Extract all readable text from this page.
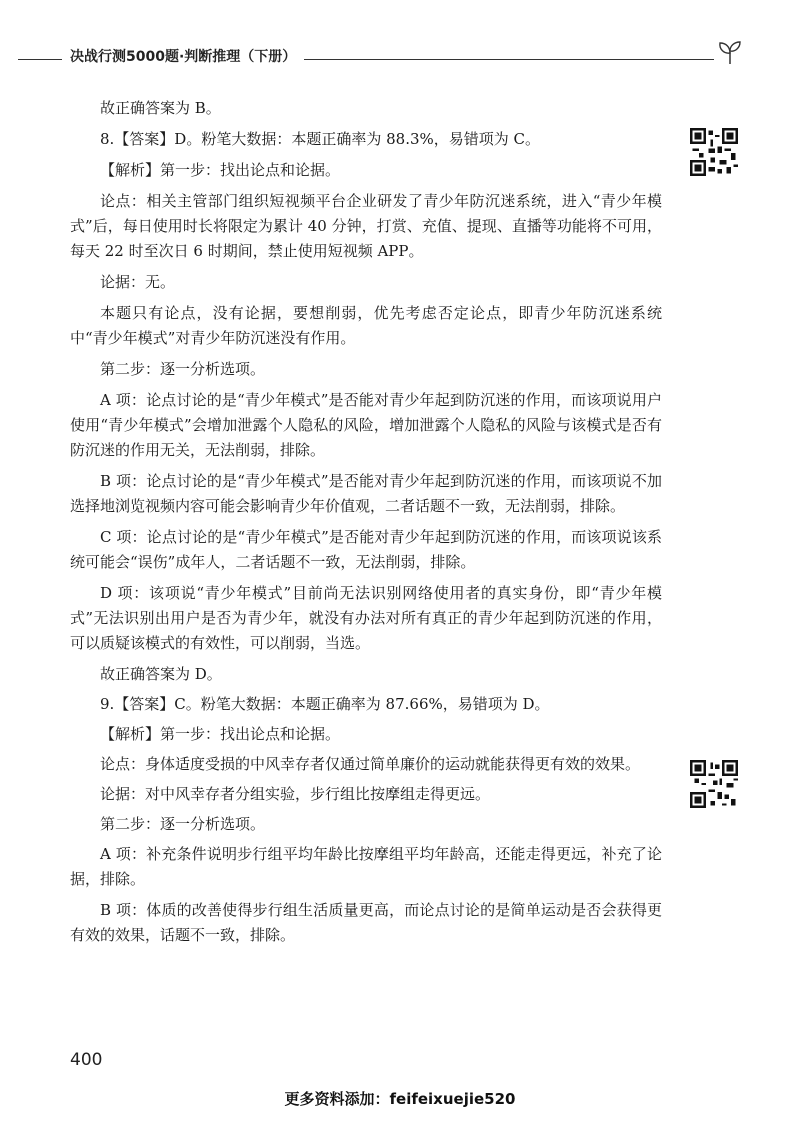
决战行测5000题·判断推理（下册）

故正确答案为 B。

8.【答案】D。粉笔大数据：本题正确率为 88.3%，易错项为 C。

【解析】第一步：找出论点和论据。

论点：相关主管部门组织短视频平台企业研发了青少年防沉迷系统，进入“青少年模式”后，每日使用时长将限定为累计 40 分钟，打赏、充值、提现、直播等功能将不可用，每天 22 时至次日 6 时期间，禁止使用短视频 APP。

论据：无。

本题只有论点，没有论据，要想削弱，优先考虑否定论点，即青少年防沉迷系统中“青少年模式”对青少年防沉迷没有作用。

第二步：逐一分析选项。

A 项：论点讨论的是“青少年模式”是否能对青少年起到防沉迷的作用，而该项说用户使用“青少年模式”会增加泄露个人隐私的风险，增加泄露个人隐私的风险与该模式是否有防沉迷的作用无关，无法削弱，排除。

B 项：论点讨论的是“青少年模式”是否能对青少年起到防沉迷的作用，而该项说不加选择地浏览视频内容可能会影响青少年价值观，二者话题不一致，无法削弱，排除。

C 项：论点讨论的是“青少年模式”是否能对青少年起到防沉迷的作用，而该项说该系统可能会“误伤”成年人，二者话题不一致，无法削弱，排除。

D 项：该项说“青少年模式”目前尚无法识别网络使用者的真实身份，即“青少年模式”无法识别出用户是否为青少年，就没有办法对所有真正的青少年起到防沉迷的作用，可以质疑该模式的有效性，可以削弱，当选。

故正确答案为 D。

9.【答案】C。粉笔大数据：本题正确率为 87.66%，易错项为 D。

【解析】第一步：找出论点和论据。

论点：身体适度受损的中风幸存者仅通过简单廉价的运动就能获得更有效的效果。

论据：对中风幸存者分组实验，步行组比按摩组走得更远。

第二步：逐一分析选项。

A 项：补充条件说明步行组平均年龄比按摩组平均年龄高，还能走得更远，补充了论据，排除。

B 项：体质的改善使得步行组生活质量更高，而论点讨论的是简单运动是否会获得更有效的效果，话题不一致，排除。

400
更多资料添加：feifeixuejie520
